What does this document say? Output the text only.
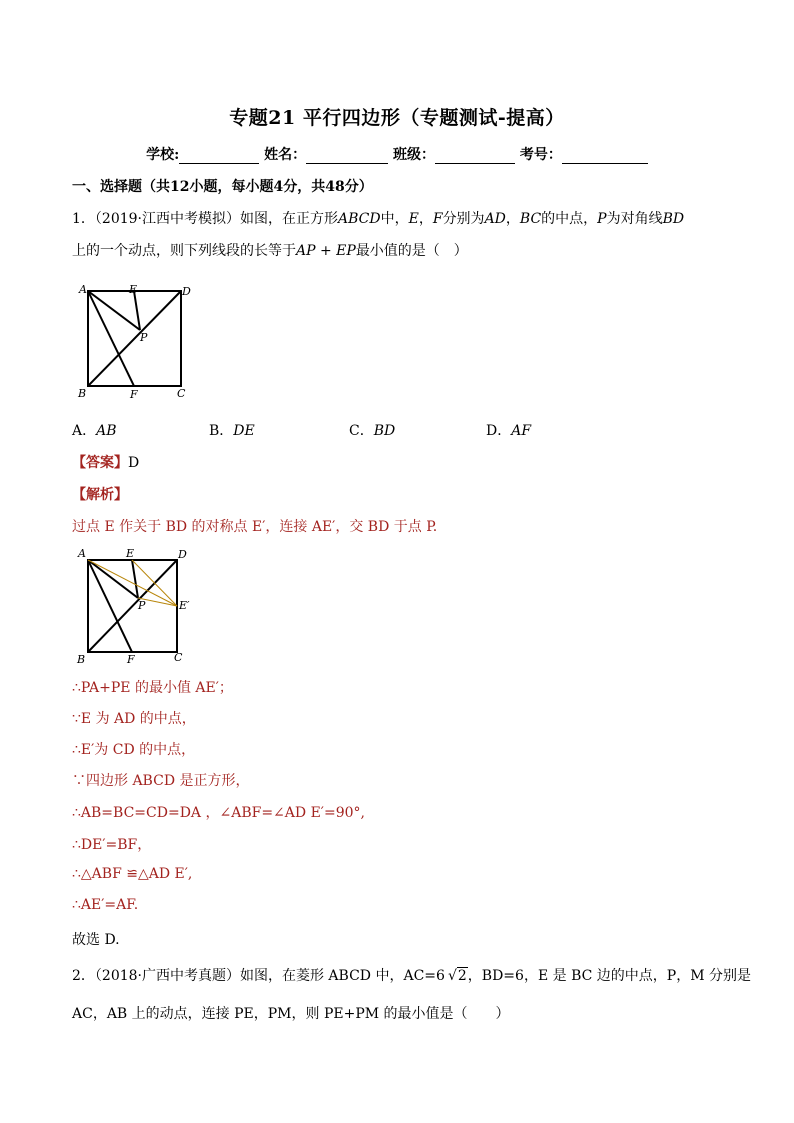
专题21 平行四边形（专题测试-提高）
学校:	姓名：	班级：	考号：
一、选择题（共12小题，每小题4分，共48分）
1．（2019·江西中考模拟）如图，在正方形ABCD中，E，F分别为AD，BC的中点，P为对角线BD
上的一个动点，则下列线段的长等于AP + EP最小值的是（　）
A	E	D
P
B	F	C
A．AB	B．DE	C．BD	D．AF
【答案】D
【解析】
过点 E 作关于 BD 的对称点 E′，连接 AE′，交 BD 于点 P.
A	E	D
P	E′
B	F	C
∴PA+PE 的最小值 AE′；
∵E 为 AD 的中点，
∴E′为 CD 的中点，
∵四边形 ABCD 是正方形，
∴AB=BC=CD=DA ，∠ABF=∠AD E′=90°,
∴DE′=BF，
∴△ABF ≌△AD E′,
∴AE′=AF.
故选 D.
2．（2018·广西中考真题）如图，在菱形 ABCD 中，AC=6 √2，BD=6，E 是 BC 边的中点，P，M 分别是
AC，AB 上的动点，连接 PE，PM，则 PE+PM 的最小值是（　　）
